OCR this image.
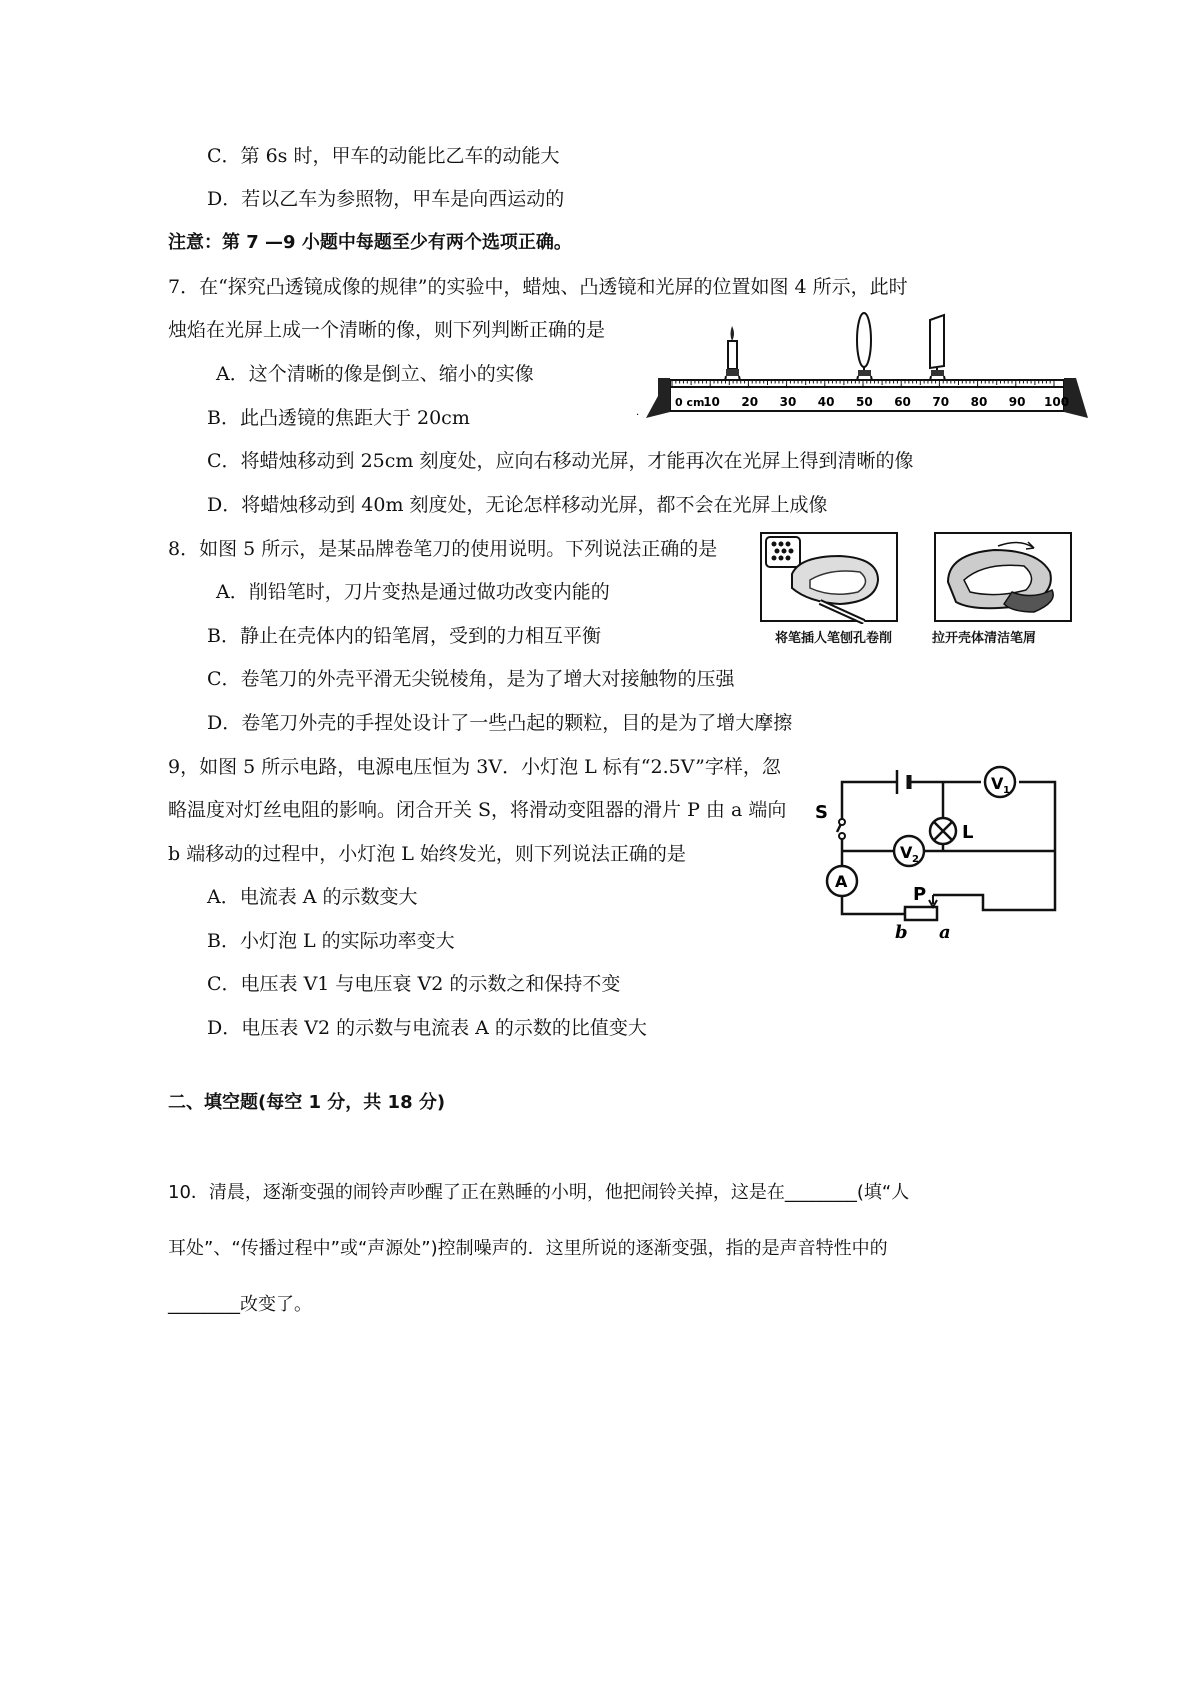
C．第 6s 时，甲车的动能比乙车的动能大
D．若以乙车为参照物，甲车是向西运动的
注意：第 7 —9 小题中每题至少有两个选项正确。
7．在“探究凸透镜成像的规律”的实验中，蜡烛、凸透镜和光屏的位置如图 4 所示，此时
烛焰在光屏上成一个清晰的像，则下列判断正确的是
A．这个清晰的像是倒立、缩小的实像
B．此凸透镜的焦距大于 20cm
C．将蜡烛移动到 25cm 刻度处，应向右移动光屏，才能再次在光屏上得到清晰的像
D．将蜡烛移动到 40m 刻度处，无论怎样移动光屏，都不会在光屏上成像
0 cm
10 20 30 40 50 60 70 80 90 100
·
8．如图 5 所示，是某品牌卷笔刀的使用说明。下列说法正确的是
A．削铅笔时，刀片变热是通过做功改变内能的
B．静止在壳体内的铅笔屑，受到的力相互平衡
C．卷笔刀的外壳平滑无尖锐棱角，是为了增大对接触物的压强
D．卷笔刀外壳的手捏处设计了一些凸起的颗粒，目的是为了增大摩擦
将笔插人笔刨孔卷削	拉开壳体清洁笔屑
9，如图 5 所示电路，电源电压恒为 3V．小灯泡 L 标有“2.5V”字样，忽
略温度对灯丝电阻的影响。闭合开关 S，将滑动变阻器的滑片 P 由 a 端向
b 端移动的过程中，小灯泡 L 始终发光，则下列说法正确的是
A．电流表 A 的示数变大
B．小灯泡 L 的实际功率变大
C．电压表 V1 与电压衰 V2 的示数之和保持不变
D．电压表 V2 的示数与电流表 A 的示数的比值变大
S
L
V 1
V 2
A
P
b a
二、填空题(每空 1 分，共 18 分)
10．清晨，逐渐变强的闹铃声吵醒了正在熟睡的小明，他把闹铃关掉，这是在________(填“人
耳处”、“传播过程中”或“声源处”)控制噪声的．这里所说的逐渐变强，指的是声音特性中的
________改变了。
